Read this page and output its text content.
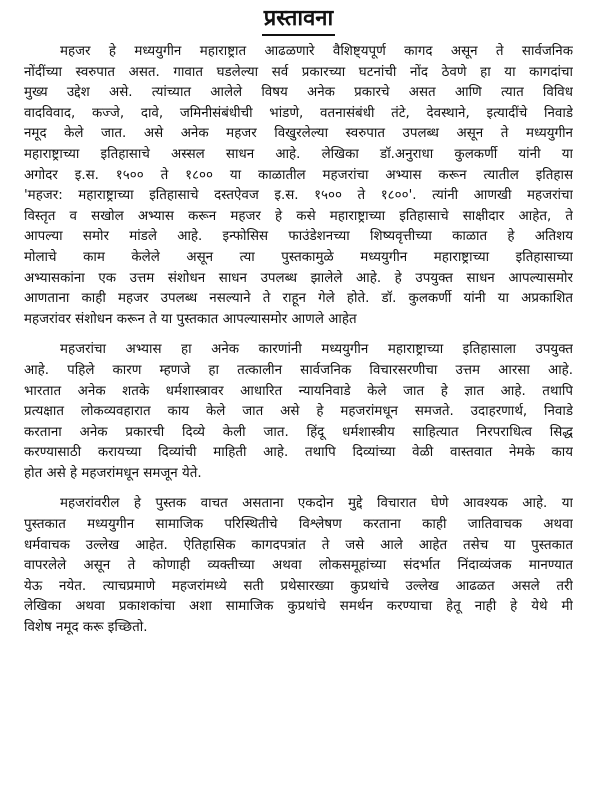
प्रस्तावना
महजर हे मध्ययुगीन महाराष्ट्रात आढळणारे वैशिष्ट्यपूर्ण कागद असून ते सार्वजनिक
नोंदींच्या स्वरुपात असत. गावात घडलेल्या सर्व प्रकारच्या घटनांची नोंद ठेवणे हा या कागदांचा
मुख्य उद्देश असे. त्यांच्यात आलेले विषय अनेक प्रकारचे असत आणि त्यात विविध
वादविवाद, कज्जे, दावे, जमिनीसंबंधीची भांडणे, वतनासंबंधी तंटे, देवस्थाने, इत्यादींचे निवाडे
नमूद केले जात. असे अनेक महजर विखुरलेल्या स्वरुपात उपलब्ध असून ते मध्ययुगीन
महाराष्ट्राच्या इतिहासाचे अस्सल साधन आहे. लेखिका डॉ.अनुराधा कुलकर्णी यांनी या
अगोदर इ.स. १५०० ते १८०० या काळातील महजरांचा अभ्यास करून त्यातील इतिहास
'महजर: महाराष्ट्राच्या इतिहासाचे दस्तऐवज इ.स. १५०० ते १८००'. त्यांनी आणखी महजरांचा
विस्तृत व सखोल अभ्यास करून महजर हे कसे महाराष्ट्राच्या इतिहासाचे साक्षीदार आहेत, ते
आपल्या समोर मांडले आहे. इन्फोसिस फाउंडेशनच्या शिष्यवृत्तीच्या काळात हे अतिशय
मोलाचे काम केलेले असून त्या पुस्तकामुळे मध्ययुगीन महाराष्ट्राच्या इतिहासाच्या
अभ्यासकांना एक उत्तम संशोधन साधन उपलब्ध झालेले आहे. हे उपयुक्त साधन आपल्यासमोर
आणताना काही महजर उपलब्ध नसल्याने ते राहून गेले होते. डॉ. कुलकर्णी यांनी या अप्रकाशित
महजरांवर संशोधन करून ते या पुस्तकात आपल्यासमोर आणले आहेत
महजरांचा अभ्यास हा अनेक कारणांनी मध्ययुगीन महाराष्ट्राच्या इतिहासाला उपयुक्त
आहे. पहिले कारण म्हणजे हा तत्कालीन सार्वजनिक विचारसरणीचा उत्तम आरसा आहे.
भारतात अनेक शतके धर्मशास्त्रावर आधारित न्यायनिवाडे केले जात हे ज्ञात आहे. तथापि
प्रत्यक्षात लोकव्यवहारात काय केले जात असे हे महजरांमधून समजते. उदाहरणार्थ, निवाडे
करताना अनेक प्रकारची दिव्ये केली जात. हिंदू धर्मशास्त्रीय साहित्यात निरपराधित्व सिद्ध
करण्यासाठी करायच्या दिव्यांची माहिती आहे. तथापि दिव्यांच्या वेळी वास्तवात नेमके काय
होत असे हे महजरांमधून समजून येते.
महजरांवरील हे पुस्तक वाचत असताना एकदोन मुद्दे विचारात घेणे आवश्यक आहे. या
पुस्तकात मध्ययुगीन सामाजिक परिस्थितीचे विश्लेषण करताना काही जातिवाचक अथवा
धर्मवाचक उल्लेख आहेत. ऐतिहासिक कागदपत्रांत ते जसे आले आहेत तसेच या पुस्तकात
वापरलेले असून ते कोणाही व्यक्तीच्या अथवा लोकसमूहांच्या संदर्भात निंदाव्यंजक मानण्यात
येऊ नयेत. त्याचप्रमाणे महजरांमध्ये सती प्रथेसारख्या कुप्रथांचे उल्लेख आढळत असले तरी
लेखिका अथवा प्रकाशकांचा अशा सामाजिक कुप्रथांचे समर्थन करण्याचा हेतू नाही हे येथे मी
विशेष नमूद करू इच्छितो.
